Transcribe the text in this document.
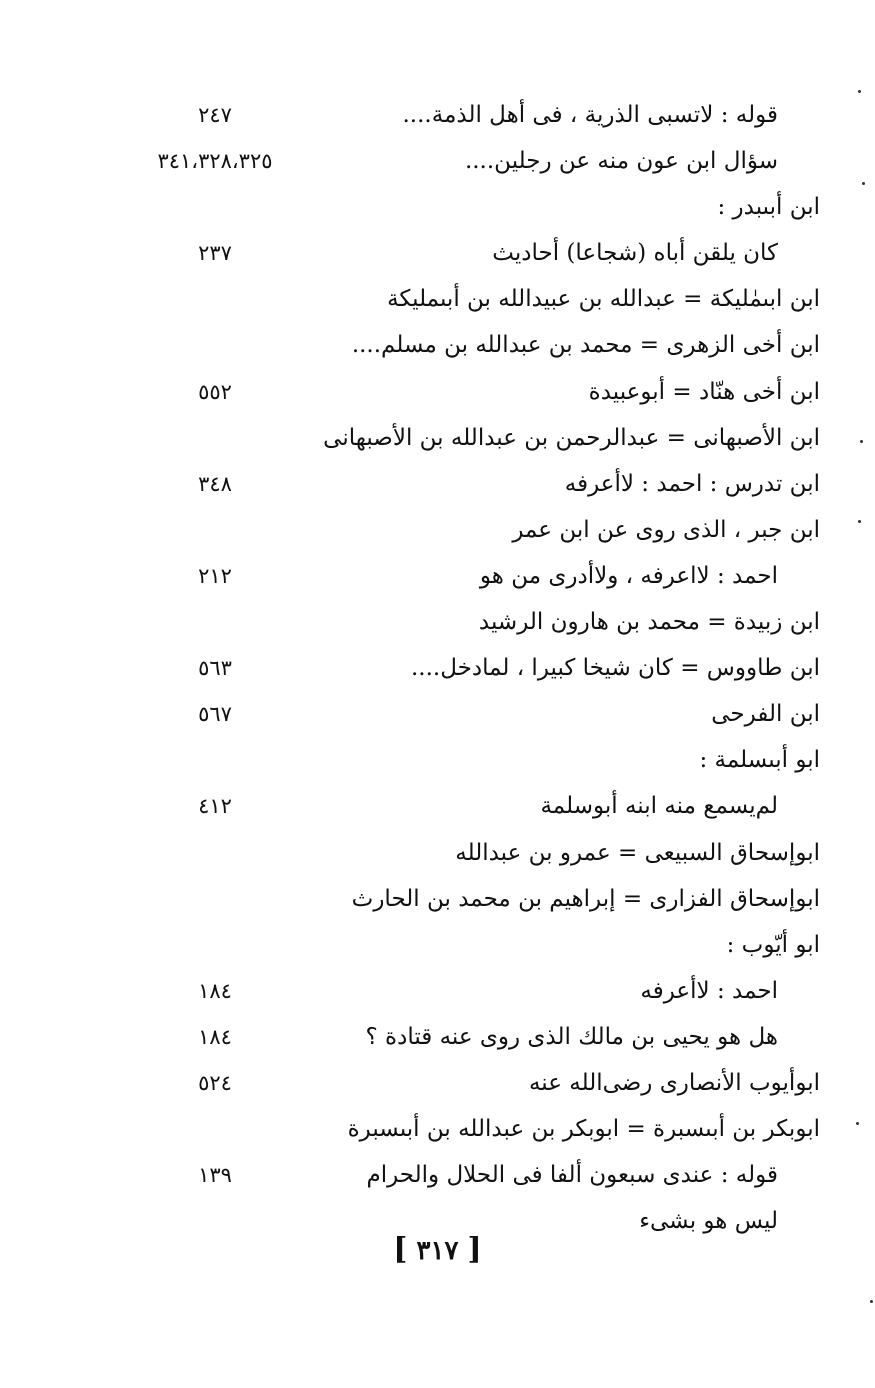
قوله : لاتسبى الذرية ، فى أهل الذمة....
٢٤٧
سؤال ابن عون منه عن رجلين....
٣٤١،٣٢٨،٣٢٥
ابن أبىبدر :
كان يلقن أباه (شجاعا) أحاديث
٢٣٧
ابن ابىمٰليكة = عبدالله بن عبيدالله بن أبىمليكة
ابن أخى الزهرى = محمد بن عبدالله بن مسلم....
ابن أخى هنّاد = أبوعبيدة
٥٥٢
ابن الأصبهانى = عبدالرحمن بن عبدالله بن الأصبهانى
ابن تدرس : احمد : لاأعرفه
٣٤٨
ابن جبر ، الذى روى عن ابن عمر
احمد : لااعرفه ، ولاأدرى من هو
٢١٢
ابن زبيدة = محمد بن هارون الرشيد
ابن طاووس = كان شيخا كبيرا ، لمادخل....
٥٦٣
ابن الفرحى
٥٦٧
ابو أبىسلمة :
لم‌يسمع منه ابنه أبوسلمة
٤١٢
ابوإسحاق السبيعى = عمرو بن عبدالله
ابوإسحاق الفزارى = إبراهيم بن محمد بن الحارث
ابو أيّوب :
احمد : لاأعرفه
١٨٤
هل هو يحيى بن مالك الذى روى عنه قتادة ؟
١٨٤
ابوأيوب الأنصارى رضى‌الله عنه
٥٢٤
ابوبكر بن أبىسبرة = ابوبكر بن عبدالله بن أبىسبرة
قوله : عندى سبعون ألفا فى الحلال والحرام
١٣٩
ليس هو بشىء
[ ٣١٧ ]
